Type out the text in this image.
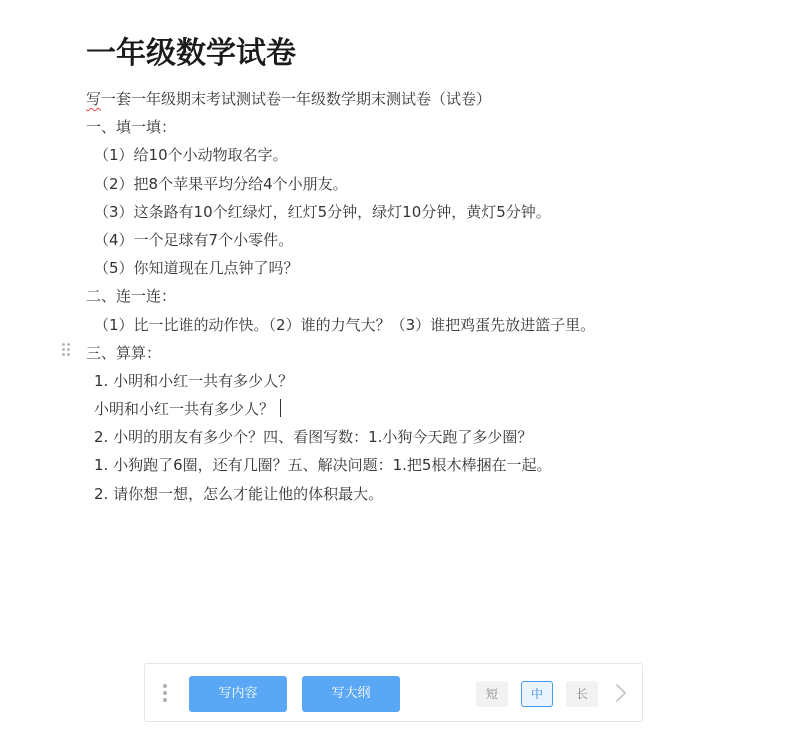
一年级数学试卷
写一套一年级期末考试测试卷一年级数学期末测试卷（试卷）
一、填一填：
（1）给10个小动物取名字。
（2）把8个苹果平均分给4个小朋友。
（3）这条路有10个红绿灯，红灯5分钟，绿灯10分钟，黄灯5分钟。
（4）一个足球有7个小零件。
（5）你知道现在几点钟了吗？
二、连一连：
（1）比一比谁的动作快。（2）谁的力气大？（3）谁把鸡蛋先放进篮子里。
三、算算：
1. 小明和小红一共有多少人？
小明和小红一共有多少人？
2. 小明的朋友有多少个？四、看图写数：1.小狗今天跑了多少圈？
1. 小狗跑了6圈，还有几圈？五、解决问题：1.把5根木棒捆在一起。
2. 请你想一想，怎么才能让他的体积最大。
写内容	写大纲	短	中	长
